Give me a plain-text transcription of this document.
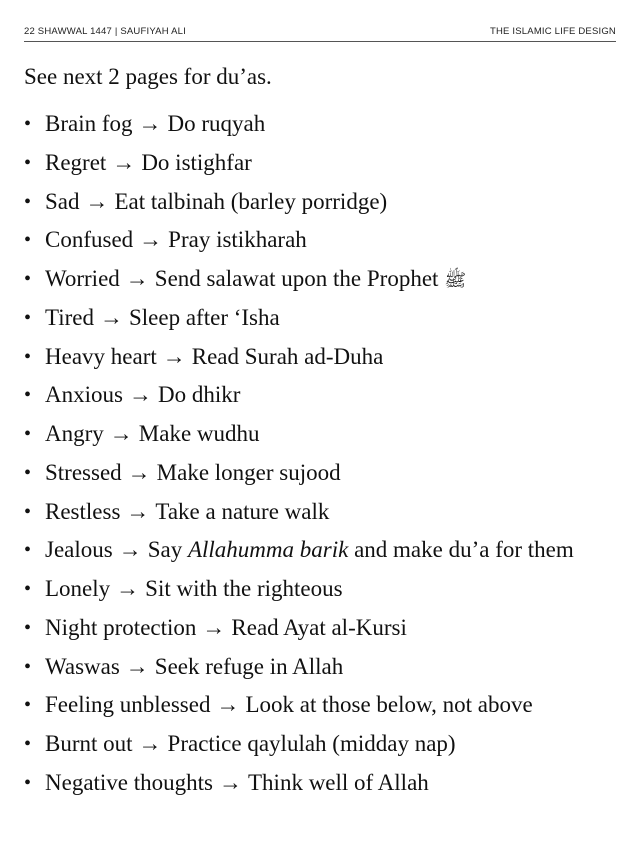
22 SHAWWAL 1447 | SAUFIYAH ALI	THE ISLAMIC LIFE DESIGN
See next 2 pages for du’as.
• Brain fog → Do ruqyah
• Regret → Do istighfar
• Sad → Eat talbinah (barley porridge)
• Confused → Pray istikharah
• Worried → Send salawat upon the Prophet ﷺ
• Tired → Sleep after ‘Isha
• Heavy heart → Read Surah ad-Duha
• Anxious → Do dhikr
• Angry → Make wudhu
• Stressed → Make longer sujood
• Restless → Take a nature walk
• Jealous → Say Allahumma barik and make du’a for them
• Lonely → Sit with the righteous
• Night protection → Read Ayat al-Kursi
• Waswas → Seek refuge in Allah
• Feeling unblessed → Look at those below, not above
• Burnt out → Practice qaylulah (midday nap)
• Negative thoughts → Think well of Allah
